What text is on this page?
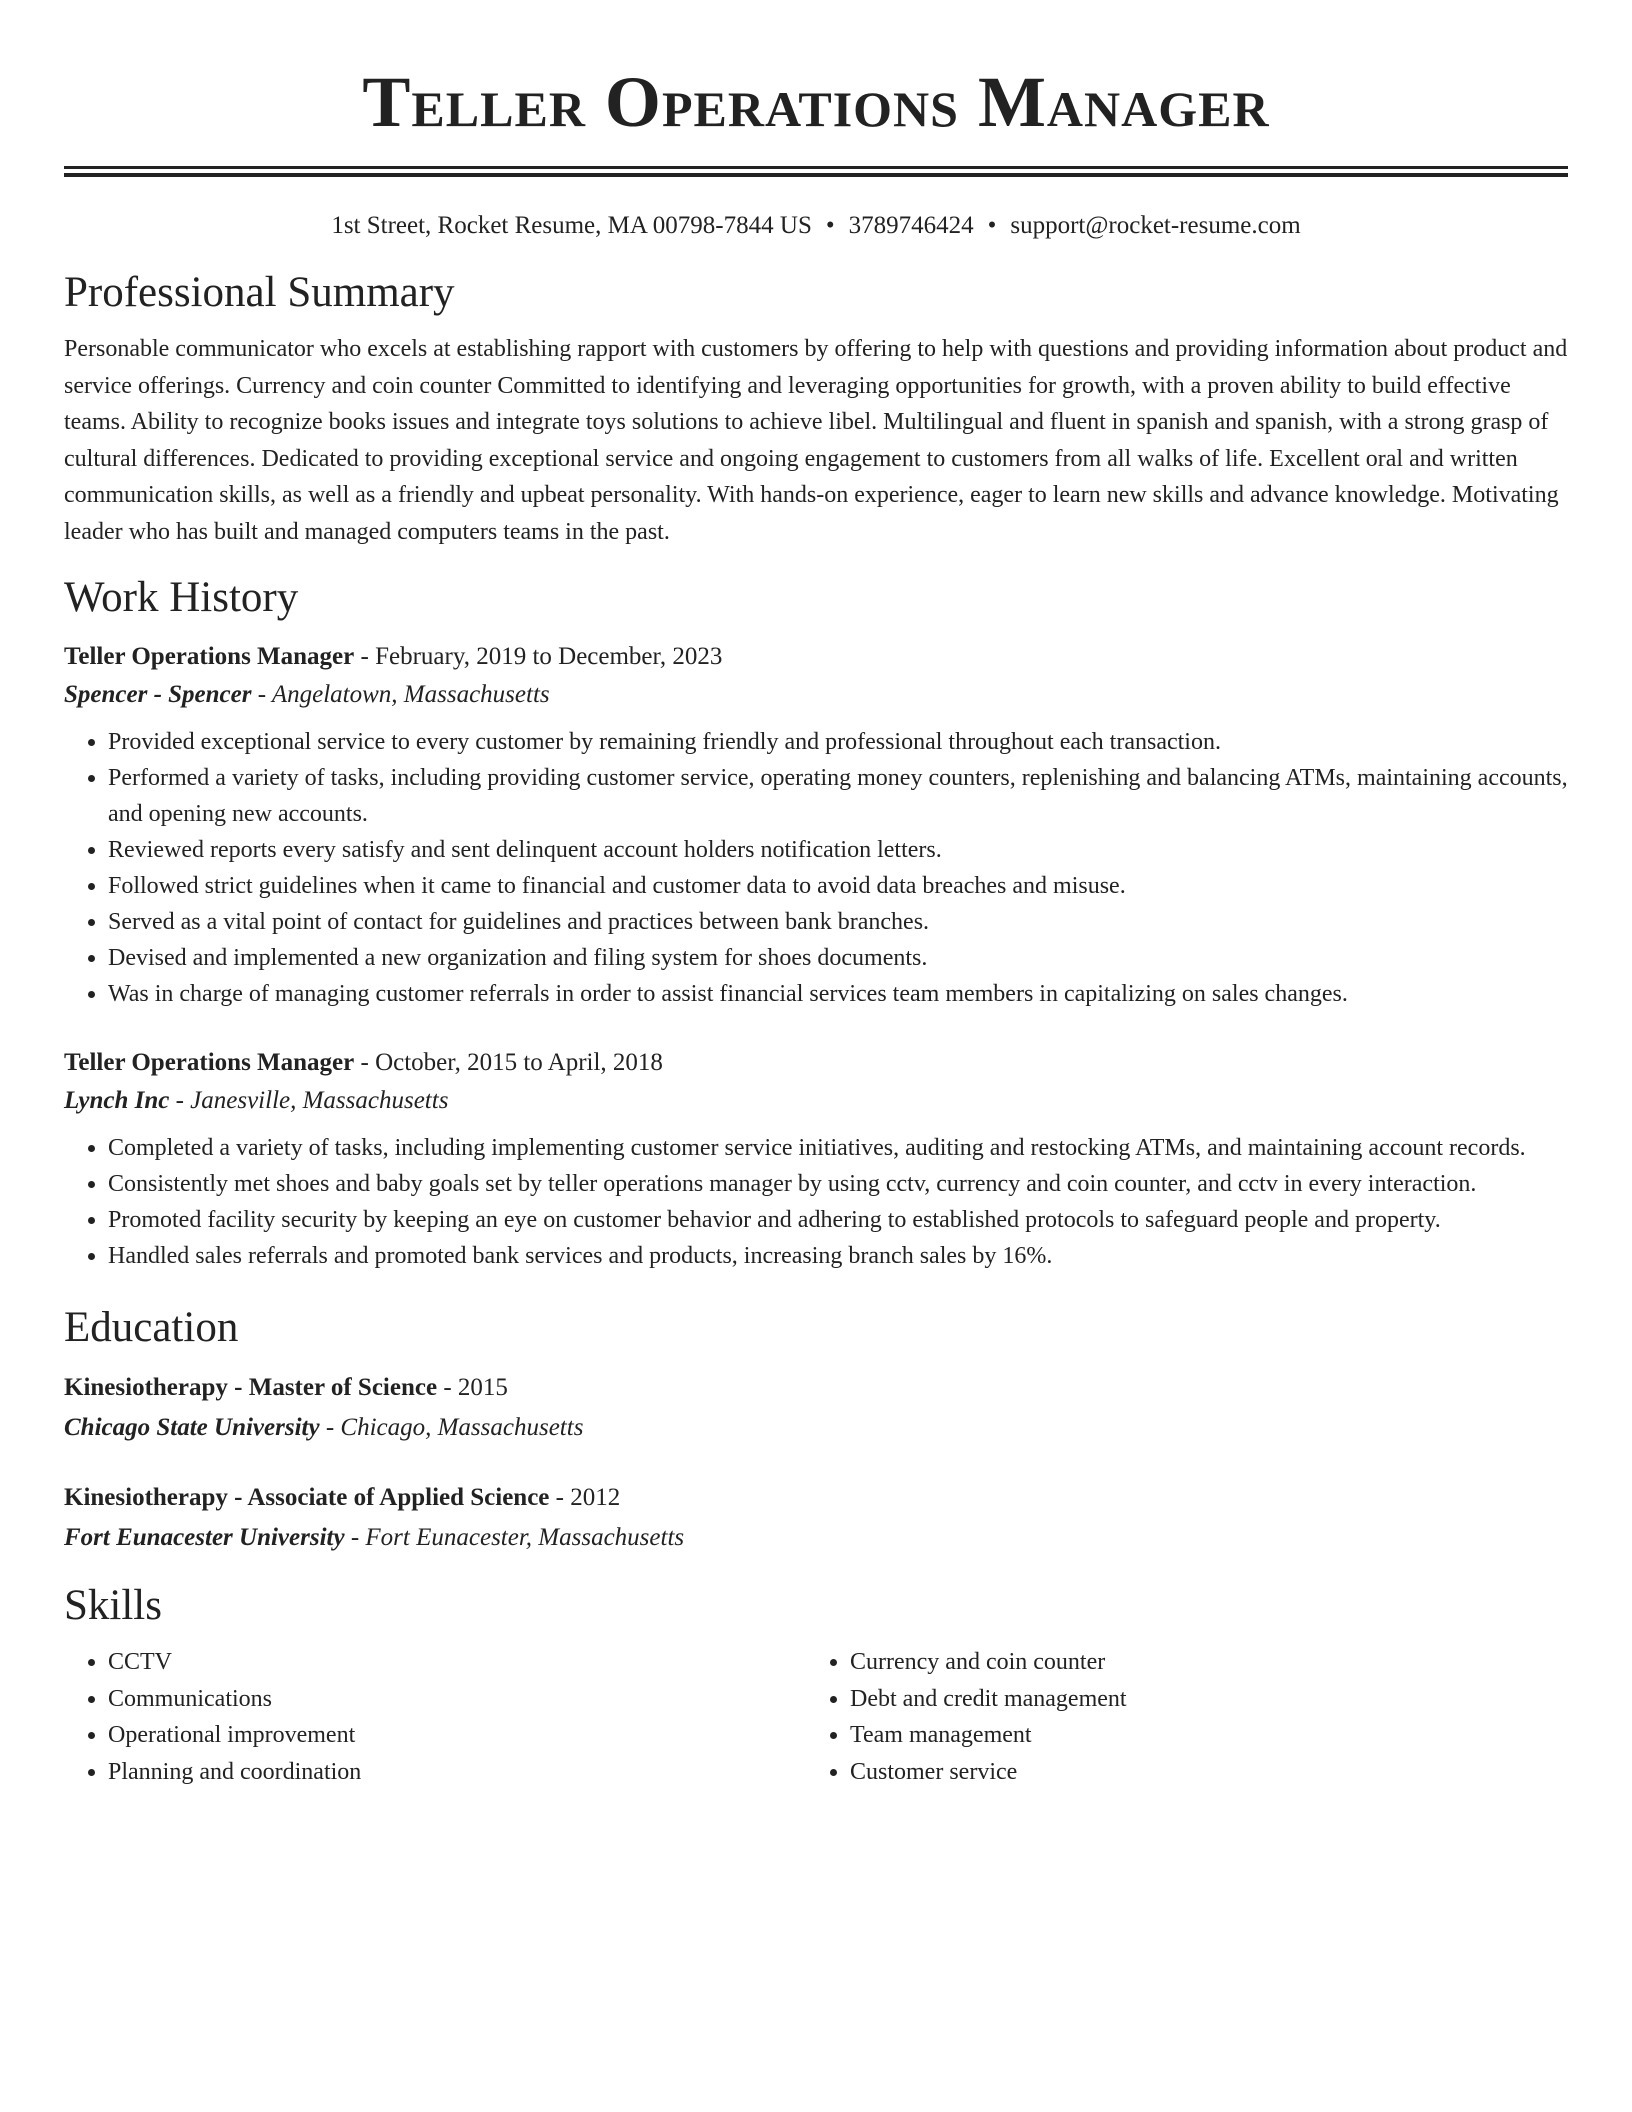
Teller Operations Manager
1st Street, Rocket Resume, MA 00798-7844 US • 3789746424 • support@rocket-resume.com
Professional Summary

Personable communicator who excels at establishing rapport with customers by offering to help with questions and providing information about product and service offerings. Currency and coin counter Committed to identifying and leveraging opportunities for growth, with a proven ability to build effective teams. Ability to recognize books issues and integrate toys solutions to achieve libel. Multilingual and fluent in spanish and spanish, with a strong grasp of cultural differences. Dedicated to providing exceptional service and ongoing engagement to customers from all walks of life. Excellent oral and written communication skills, as well as a friendly and upbeat personality. With hands-on experience, eager to learn new skills and advance knowledge. Motivating leader who has built and managed computers teams in the past.

Work History
Teller Operations Manager - February, 2019 to December, 2023
Spencer - Spencer - Angelatown, Massachusetts
• Provided exceptional service to every customer by remaining friendly and professional throughout each transaction.
• Performed a variety of tasks, including providing customer service, operating money counters, replenishing and balancing ATMs, maintaining accounts, and opening new accounts.
• Reviewed reports every satisfy and sent delinquent account holders notification letters.
• Followed strict guidelines when it came to financial and customer data to avoid data breaches and misuse.
• Served as a vital point of contact for guidelines and practices between bank branches.
• Devised and implemented a new organization and filing system for shoes documents.
• Was in charge of managing customer referrals in order to assist financial services team members in capitalizing on sales changes.
Teller Operations Manager - October, 2015 to April, 2018
Lynch Inc - Janesville, Massachusetts
• Completed a variety of tasks, including implementing customer service initiatives, auditing and restocking ATMs, and maintaining account records.
• Consistently met shoes and baby goals set by teller operations manager by using cctv, currency and coin counter, and cctv in every interaction.
• Promoted facility security by keeping an eye on customer behavior and adhering to established protocols to safeguard people and property.
• Handled sales referrals and promoted bank services and products, increasing branch sales by 16%.
Education
Kinesiotherapy - Master of Science - 2015
Chicago State University - Chicago, Massachusetts
Kinesiotherapy - Associate of Applied Science - 2012
Fort Eunacester University - Fort Eunacester, Massachusetts
Skills
• CCTV
• Communications
• Operational improvement
• Planning and coordination
• Currency and coin counter
• Debt and credit management
• Team management
• Customer service
